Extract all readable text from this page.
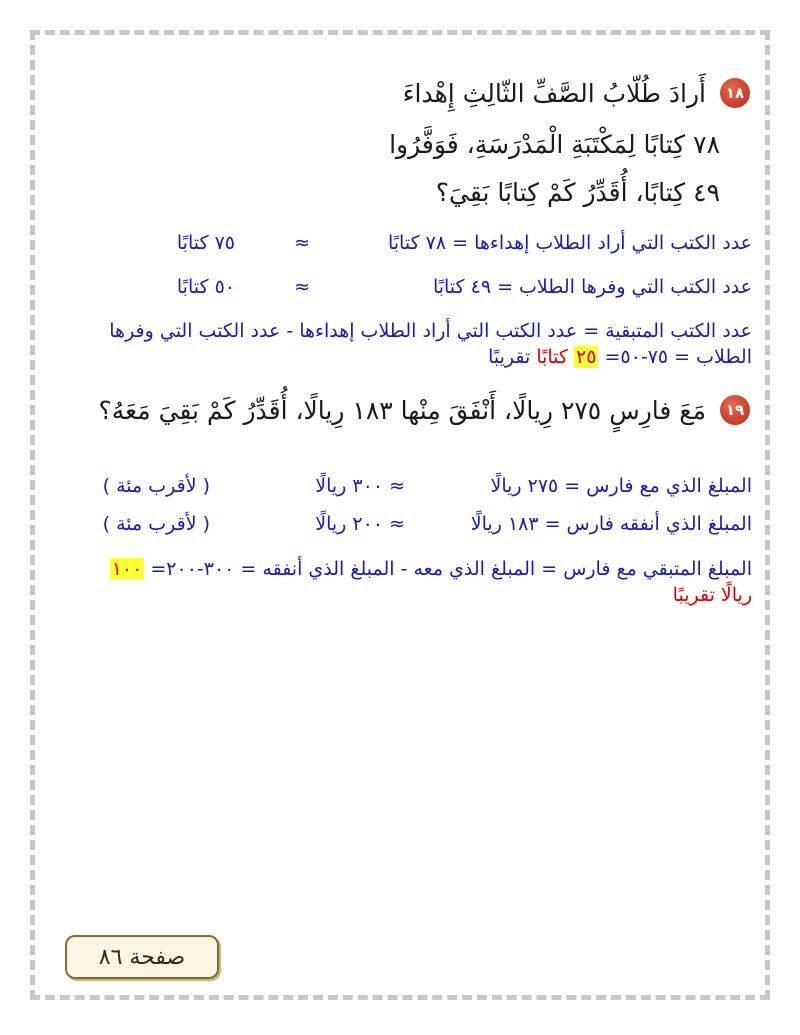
١٨
أَرادَ طُلّابُ الصَّفِّ الثّالِثِ إِهْداءَ
٧٨ كِتابًا لِمَكْتَبَةِ الْمَدْرَسَةِ، فَوَفَّرُوا
٤٩ كِتابًا، أُقَدِّرُ كَمْ كِتابًا بَقِيَ؟
عدد الكتب التي أراد الطلاب إهداءها = ٧٨ كتابًا
≈
٧٥ كتابًا
عدد الكتب التي وفرها الطلاب = ٤٩ كتابًا
≈
٥٠ كتابًا
عدد الكتب المتبقية = عدد الكتب التي أراد الطلاب إهداءها - عدد الكتب التي وفرها
الطلاب = ٧٥-٥٠= ٢٥ كتابًا تقريبًا
١٩
مَعَ فارِسٍ ٢٧٥ رِيالًا، أَنْفَقَ مِنْها ١٨٣ رِيالًا، أُقَدِّرُ كَمْ بَقِيَ مَعَهُ؟
المبلغ الذي مع فارس = ٢٧٥ ريالًا
≈ ٣٠٠ ريالًا
( لأقرب مئة )
المبلغ الذي أنفقه فارس = ١٨٣ ريالًا
≈ ٢٠٠ ريالًا
( لأقرب مئة )
المبلغ المتبقي مع فارس = المبلغ الذي معه - المبلغ الذي أنفقه = ٣٠٠-٢٠٠= ١٠٠
ريالًا تقريبًا
صفحة ٨٦
